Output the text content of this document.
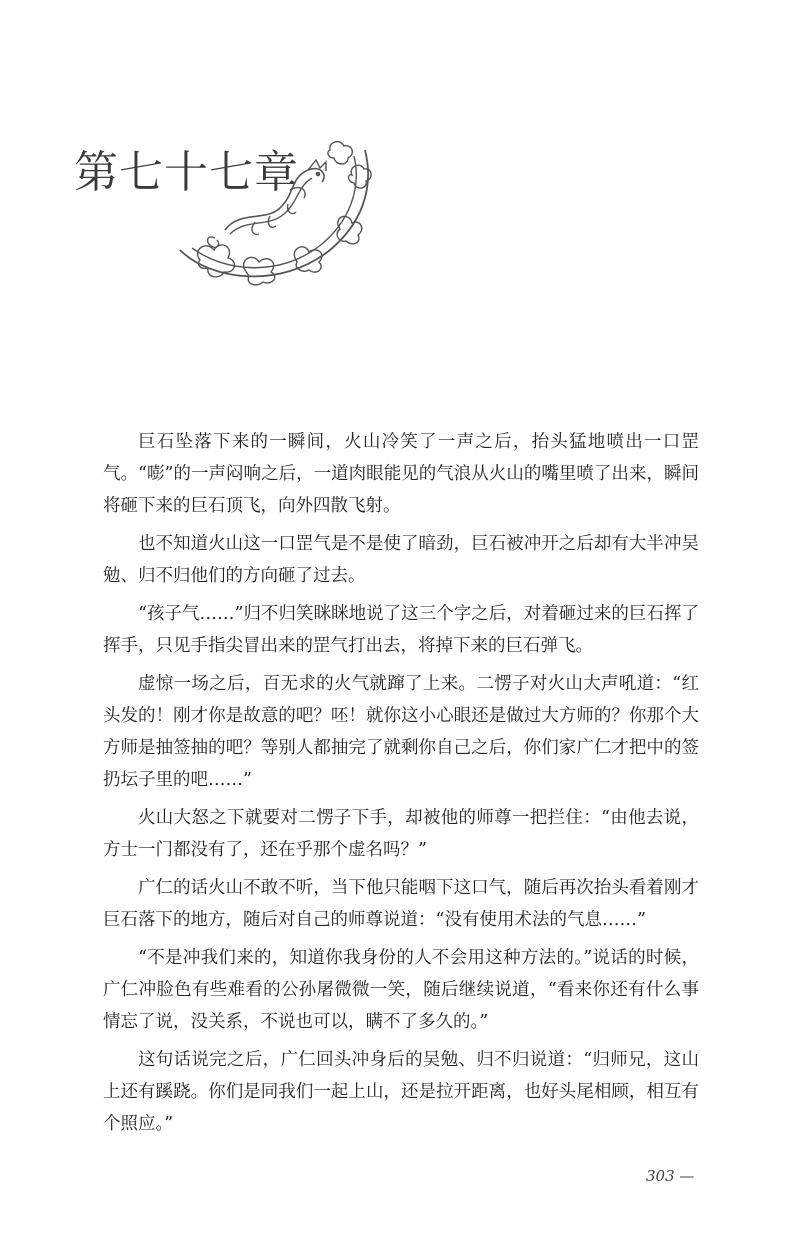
第七十七章

巨石坠落下来的一瞬间，火山冷笑了一声之后，抬头猛地喷出一口罡气。“嘭”的一声闷响之后，一道肉眼能见的气浪从火山的嘴里喷了出来，瞬间将砸下来的巨石顶飞，向外四散飞射。

也不知道火山这一口罡气是不是使了暗劲，巨石被冲开之后却有大半冲吴勉、归不归他们的方向砸了过去。

“孩子气……”归不归笑眯眯地说了这三个字之后，对着砸过来的巨石挥了挥手，只见手指尖冒出来的罡气打出去，将掉下来的巨石弹飞。

虚惊一场之后，百无求的火气就蹿了上来。二愣子对火山大声吼道：“红头发的！刚才你是故意的吧？呸！就你这小心眼还是做过大方师的？你那个大方师是抽签抽的吧？等别人都抽完了就剩你自己之后，你们家广仁才把中的签扔坛子里的吧……”

火山大怒之下就要对二愣子下手，却被他的师尊一把拦住：“由他去说，方士一门都没有了，还在乎那个虚名吗？”

广仁的话火山不敢不听，当下他只能咽下这口气，随后再次抬头看着刚才巨石落下的地方，随后对自己的师尊说道：“没有使用术法的气息……”

“不是冲我们来的，知道你我身份的人不会用这种方法的。”说话的时候，广仁冲脸色有些难看的公孙屠微微一笑，随后继续说道，“看来你还有什么事情忘了说，没关系，不说也可以，瞒不了多久的。”

这句话说完之后，广仁回头冲身后的吴勉、归不归说道：“归师兄，这山上还有蹊跷。你们是同我们一起上山，还是拉开距离，也好头尾相顾，相互有个照应。”

303 —
